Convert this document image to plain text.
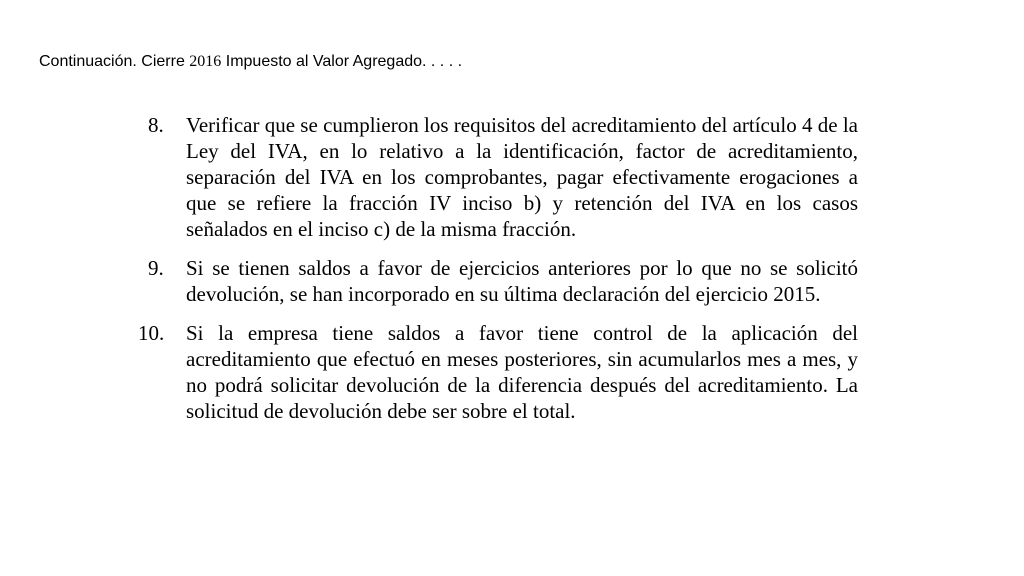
Continuación. Cierre 2016 Impuesto al Valor Agregado. . . . .
8.	Verificar que se cumplieron los requisitos del acreditamiento del artículo 4 de la Ley del IVA, en lo relativo a la identificación, factor de acreditamiento, separación del IVA en los comprobantes, pagar efectivamente erogaciones a que se refiere la fracción IV inciso b) y retención del IVA en los casos señalados en el inciso c) de la misma fracción.
9.	Si se tienen saldos a favor de ejercicios anteriores por lo que no se solicitó devolución, se han incorporado en su última declaración del ejercicio 2015.
10.	Si la empresa tiene saldos a favor tiene control de la aplicación del acreditamiento que efectuó en meses posteriores, sin acumularlos mes a mes, y no podrá solicitar devolución de la diferencia después del acreditamiento. La solicitud de devolución debe ser sobre el total.
